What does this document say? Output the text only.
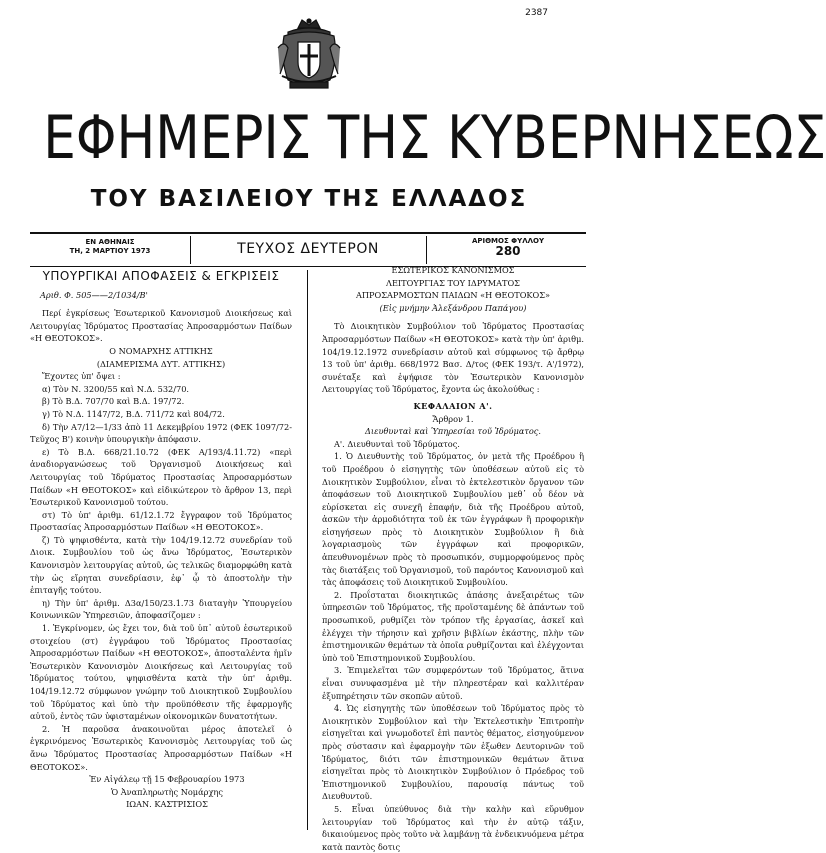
2387
ΕΦΗΜΕΡΙΣ ΤΗΣ ΚΥΒΕΡΝΗΣΕΩΣ
ΤΟΥ ΒΑΣΙΛΕΙΟΥ ΤΗΣ ΕΛΛΑΔΟΣ
ΕΝ ΑΘΗΝΑΙΣ
ΤΗ, 2 ΜΑΡΤΙΟΥ 1973	ΤΕΥΧΟΣ ΔΕΥΤΕΡΟΝ	ΑΡΙΘΜΟΣ ΦΥΛΛΟΥ
280
ΥΠΟΥΡΓΙΚΑΙ ΑΠΟΦΑΣΕΙΣ & ΕΓΚΡΙΣΕΙΣ
Αριθ. Φ. 505——2/1034/Β'

Περί ἐγκρίσεως Ἐσωτερικοῦ Κανονισμοῦ Διοικήσεως καὶ Λειτουργίας Ἱδρύματος Προστασίας Ἀπροσαρμόστων Παίδων «Η ΘΕΟΤΟΚΟΣ».

Ο ΝΟΜΑΡΧΗΣ ΑΤΤΙΚΗΣ

(ΔΙΑΜΕΡΙΣΜΑ ΔΥΤ. ΑΤΤΙΚΗΣ)

Ἔχοντες ὑπ' ὄψει :

α) Τὸν Ν. 3200/55 καὶ Ν.Δ. 532/70.

β) Τὸ Β.Δ. 707/70 καὶ Β.Δ. 197/72.

γ) Τὸ Ν.Δ. 1147/72, Β.Δ. 711/72 καὶ 804/72.

δ) Τὴν Α7/12—1/33 ἀπὸ 11 Δεκεμβρίου 1972 (ΦΕΚ 1097/72-Τεῦχος Β') κοινὴν ὑπουργικὴν ἀπόφασιν.

ε) Τὸ Β.Δ. 668/21.10.72 (ΦΕΚ Α/193/4.11.72) «περὶ ἀναδιοργανώσεως τοῦ Ὀργανισμοῦ Διοικήσεως καὶ Λειτουργίας τοῦ Ἱδρύματος Προστασίας Ἀπροσαρμόστων Παίδων «Η ΘΕΟΤΟΚΟΣ» καὶ εἰδικώτερον τὸ ἄρθρον 13, περὶ Ἐσωτερικοῦ Κανονισμοῦ τούτου.

στ) Τὸ ὑπ' ἀριθμ. 61/12.1.72 ἔγγραφον τοῦ Ἱδρύματος Προστασίας Ἀπροσαρμόστων Παίδων «Η ΘΕΟΤΟΚΟΣ».

ζ) Τὸ ψηφισθέντα, κατὰ τὴν 104/19.12.72 συνεδρίαν τοῦ Διοικ. Συμβουλίου τοῦ ὡς ἄνω Ἱδρύματος, Ἐσωτερικὸν Κανονισμὸν λειτουργίας αὐτοῦ, ὡς τελικῶς διαμορφώθη κατὰ τὴν ὡς εἴρηται συνεδρίασιν, ἐφ᾽ ᾧ τὸ ἀποστολὴν τὴν ἐπιταγῆς τούτου.

η) Τὴν ὑπ' ἀριθμ. Δ3α/150/23.1.73 διαταγὴν Ὑπουργείου Κοινωνικῶν Ὑπηρεσιῶν, ἀποφασίζομεν :

1. Ἐγκρίνομεν, ὡς ἔχει τον, διὰ τοῦ ὑπ᾽ αὐτοῦ ἐσωτερικοῦ στοιχείου (στ) ἐγγράφου τοῦ Ἱδρύματος Προστασίας Ἀπροσαρμόστων Παίδων «Η ΘΕΟΤΟΚΟΣ», ἀποσταλέντα ἡμῖν Ἐσωτερικὸν Κανονισμὸν Διοικήσεως καὶ Λειτουργίας τοῦ Ἱδρύματος τούτου, ψηφισθέντα κατὰ τὴν ὑπ' ἀριθμ. 104/19.12.72 σύμφωνον γνώμην τοῦ Διοικητικοῦ Συμβουλίου τοῦ Ἱδρύματος καὶ ὑπὸ τὴν προϋπόθεσιν τῆς ἐφαρμογῆς αὐτοῦ, ἐντὸς τῶν ὑφισταμένων οἰκονομικῶν δυνατοτήτων.

2. Ἡ παροῦσα ἀνακοινοῦται μέρος ἀποτελεῖ ὁ ἐγκρινόμενος Ἐσωτερικὸς Κανονισμὸς Λειτουργίας τοῦ ὡς ἄνω Ἱδρύματος Προστασίας Ἀπροσαρμόστων Παίδων «Η ΘΕΟΤΟΚΟΣ».

Ἐν Αἰγάλεῳ τῇ 15 Φεβρουαρίου 1973

Ὁ Ἀναπληρωτὴς Νομάρχης

ΙΩΑΝ. ΚΑΣΤΡΙΣΙΟΣ

ΕΣΩΤΕΡΙΚΟΣ ΚΑΝΟΝΙΣΜΟΣ

ΛΕΙΤΟΥΡΓΙΑΣ ΤΟΥ ΙΔΡΥΜΑΤΟΣ

ΑΠΡΟΣΑΡΜΟΣΤΩΝ ΠΑΙΔΩΝ «Η ΘΕΟΤΟΚΟΣ»

(Εἰς μνήμην Ἀλεξάνδρου Παπάγου)

Τὸ Διοικητικὸν Συμβούλιον τοῦ Ἱδρύματος Προστασίας Ἀπροσαρμόστων Παίδων «Η ΘΕΟΤΟΚΟΣ» κατὰ τὴν ὑπ' ἀριθμ. 104/19.12.1972 συνεδρίασιν αὐτοῦ καὶ σύμφωνος τῷ ἄρθρῳ 13 τοῦ ὑπ' ἀριθμ. 668/1972 Βασ. Δ/τος (ΦΕΚ 193/τ. Α'/1972), συνέταξε καὶ ἐψήφισε τὸν Ἐσωτερικὸν Κανονισμὸν Λειτουργίας τοῦ Ἱδρύματος, ἔχοντα ὡς ἀκολούθως :

ΚΕΦΑΛΑΙΟΝ Α'.

Ἄρθρον 1.

Διευθυνταὶ καὶ Ὑπηρεσίαι τοῦ Ἱδρύματος.

Α'. Διευθυνταὶ τοῦ Ἱδρύματος.

1. Ὁ Διευθυντὴς τοῦ Ἱδρύματος, ὁν μετὰ τῆς Προέδρου ἢ τοῦ Προέδρου ὁ εἰσηγητὴς τῶν ὑποθέσεων αὐτοῦ εἰς τὸ Διοικητικὸν Συμβούλιον, εἶναι τὸ ἐκτελεστικὸν ὄργανον τῶν ἀποφάσεων τοῦ Διοικητικοῦ Συμβουλίου μεθ᾽ οὗ δέον νὰ εὑρίσκεται εἰς συνεχῆ ἐπαφήν, διὰ τῆς Προέδρου αὐτοῦ, ἀσκῶν τὴν ἁρμοδιότητα τοῦ ἐκ τῶν ἐγγράφων ἢ προφορικὴν εἰσηγήσεων πρὸς τὸ Διοικητικὸν Συμβούλιον ἢ διὰ λογαριασμοὺς τῶν ἐγγράφων καὶ προφορικῶν, ἀπευθυνομένων πρὸς τὸ προσωπικόν, συμμορφούμενος πρὸς τὰς διατάξεις τοῦ Ὀργανισμοῦ, τοῦ παρόντος Κανονισμοῦ καὶ τὰς ἀποφάσεις τοῦ Διοικητικοῦ Συμβουλίου.

2. Προΐσταται διοικητικῶς ἁπάσης ἀνεξαιρέτως τῶν ὑπηρεσιῶν τοῦ Ἱδρύματος, τῆς προϊσταμένης δὲ ἁπάντων τοῦ προσωπικοῦ, ρυθμίζει τὸν τρόπον τῆς ἐργασίας, ἀσκεῖ καὶ ἐλέγχει τὴν τήρησιν καὶ χρῆσιν βιβλίων ἐκάστης, πλὴν τῶν ἐπιστημονικῶν θεμάτων τὰ ὁποῖα ρυθμίζονται καὶ ἐλέγχονται ὑπὸ τοῦ Ἐπιστημονικοῦ Συμβουλίου.

3. Ἐπιμελεῖται τῶν συμφερόντων τοῦ Ἱδρύματος, ἅτινα εἶναι συνυφασμένα μὲ τὴν πληρεστέραν καὶ καλλιτέραν ἐξυπηρέτησιν τῶν σκοπῶν αὐτοῦ.

4. Ὡς εἰσηγητὴς τῶν ὑποθέσεων τοῦ Ἱδρύματος πρὸς τὸ Διοικητικὸν Συμβούλιον καὶ τὴν Ἐκτελεστικὴν Ἐπιτροπὴν εἰσηγεῖται καὶ γνωμοδοτεῖ ἐπὶ παντὸς θέματος, εἰσηγούμενον πρὸς σύστασιν καὶ ἐφαρμογὴν τῶν ἐξωθεν Δευτορινῶν τοῦ Ἱδρύματος, διότι τῶν ἐπιστημονικῶν θεμάτων ἅτινα εἰσηγεῖται πρὸς τὸ Διοικητικὸν Συμβούλιον ὁ Πρόεδρος τοῦ Ἐπιστημονικοῦ Συμβουλίου, παρουσίᾳ πάντως τοῦ Διευθυντοῦ.

5. Εἶναι ὑπεύθυνος διὰ τὴν καλὴν καὶ εὔρυθμον λειτουργίαν τοῦ Ἱδρύματος καὶ τὴν ἐν αὐτῷ τάξιν, δικαιούμενος πρὸς τοῦτο νὰ λαμβάνῃ τὰ ἐνδεικνυόμενα μέτρα κατὰ παντὸς δοτις
